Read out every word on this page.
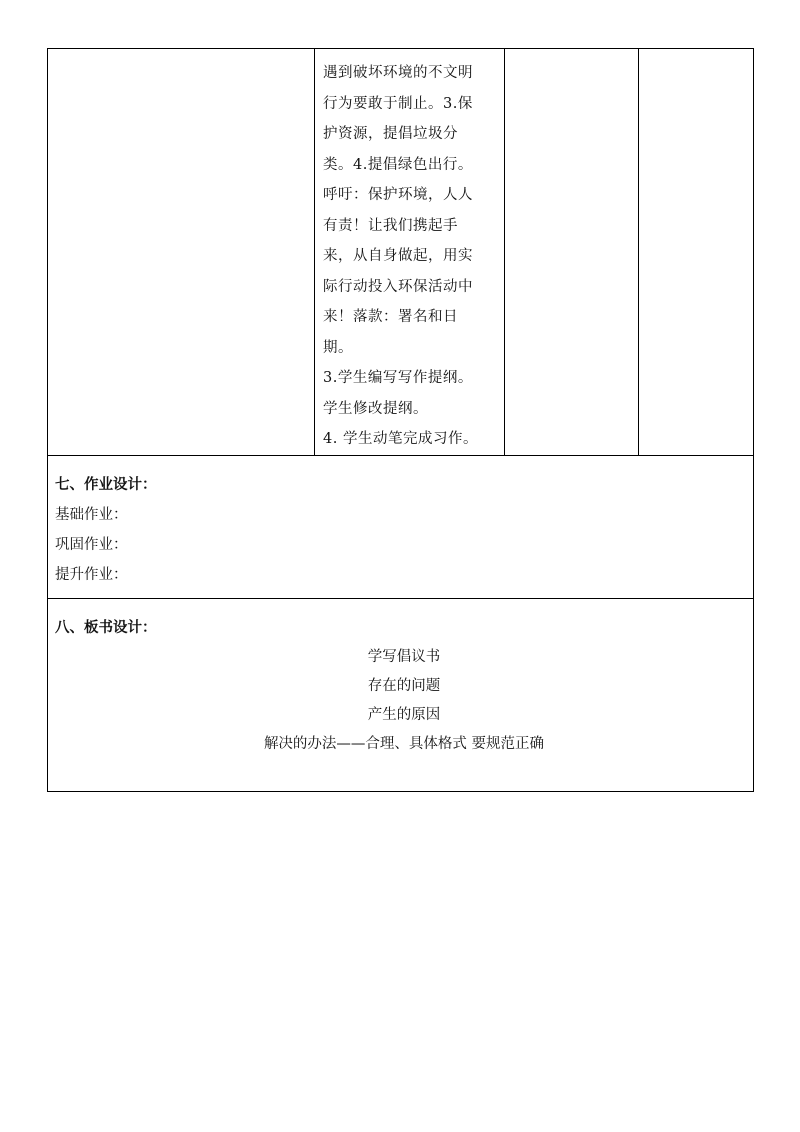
遇到破坏环境的不文明
行为要敢于制止。3.保
护资源，提倡垃圾分
类。4.提倡绿色出行。
呼吁：保护环境，人人
有责！让我们携起手
来，从自身做起，用实
际行动投入环保活动中
来！落款：署名和日
期。
3.学生编写写作提纲。
学生修改提纲。
4. 学生动笔完成习作。

七、作业设计：
基础作业：
巩固作业：
提升作业：

八、板书设计：
学写倡议书
存在的问题
产生的原因
解决的办法——合理、具体格式 要规范正确
